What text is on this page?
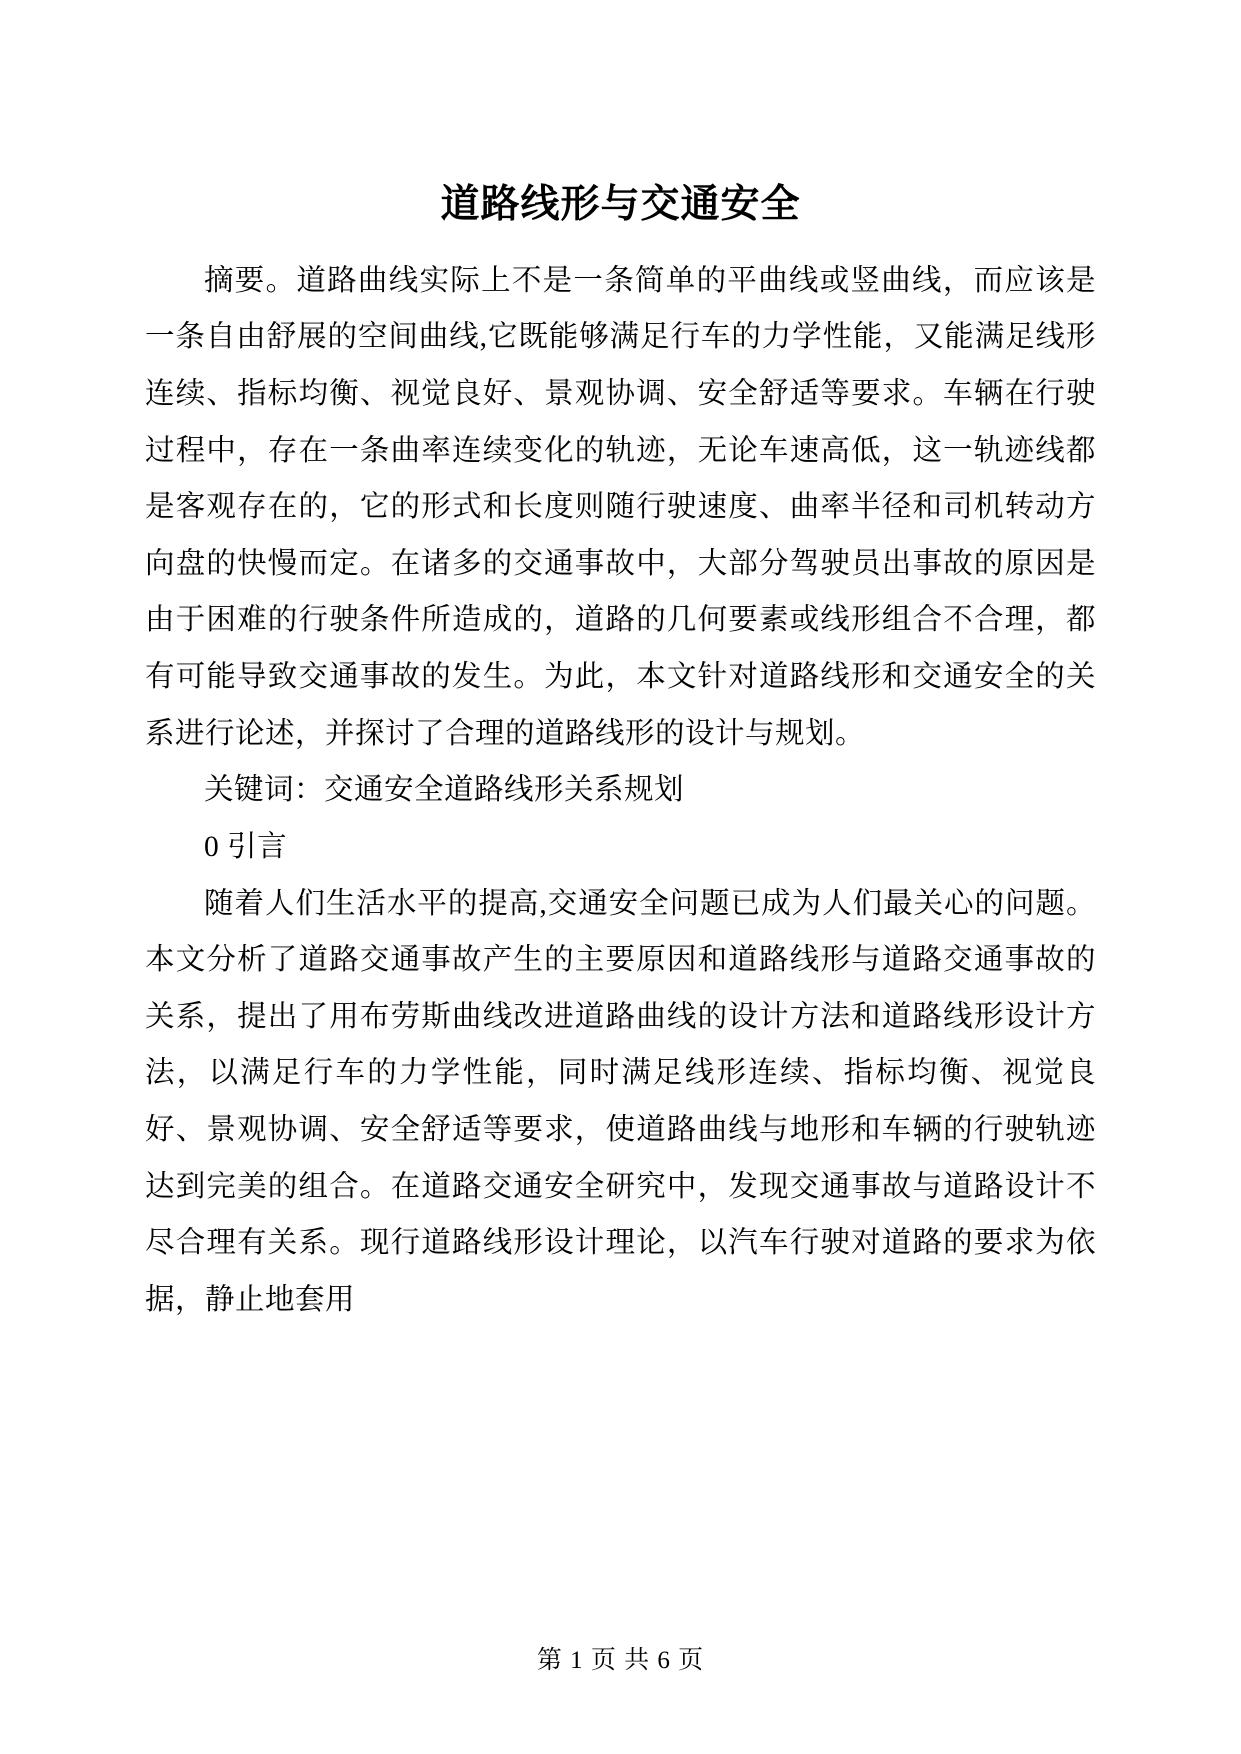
道路线形与交通安全

摘要。道路曲线实际上不是一条简单的平曲线或竖曲线，而应该是一条自由舒展的空间曲线,它既能够满足行车的力学性能，又能满足线形连续、指标均衡、视觉良好、景观协调、安全舒适等要求。车辆在行驶过程中，存在一条曲率连续变化的轨迹，无论车速高低，这一轨迹线都是客观存在的，它的形式和长度则随行驶速度、曲率半径和司机转动方向盘的快慢而定。在诸多的交通事故中，大部分驾驶员出事故的原因是由于困难的行驶条件所造成的，道路的几何要素或线形组合不合理，都有可能导致交通事故的发生。为此，本文针对道路线形和交通安全的关系进行论述，并探讨了合理的道路线形的设计与规划。

关键词：交通安全道路线形关系规划

0 引言

随着人们生活水平的提高,交通安全问题已成为人们最关心的问题。本文分析了道路交通事故产生的主要原因和道路线形与道路交通事故的关系，提出了用布劳斯曲线改进道路曲线的设计方法和道路线形设计方法，以满足行车的力学性能，同时满足线形连续、指标均衡、视觉良好、景观协调、安全舒适等要求，使道路曲线与地形和车辆的行驶轨迹达到完美的组合。在道路交通安全研究中，发现交通事故与道路设计不尽合理有关系。现行道路线形设计理论，以汽车行驶对道路的要求为依据，静止地套用

第 1 页 共 6 页
